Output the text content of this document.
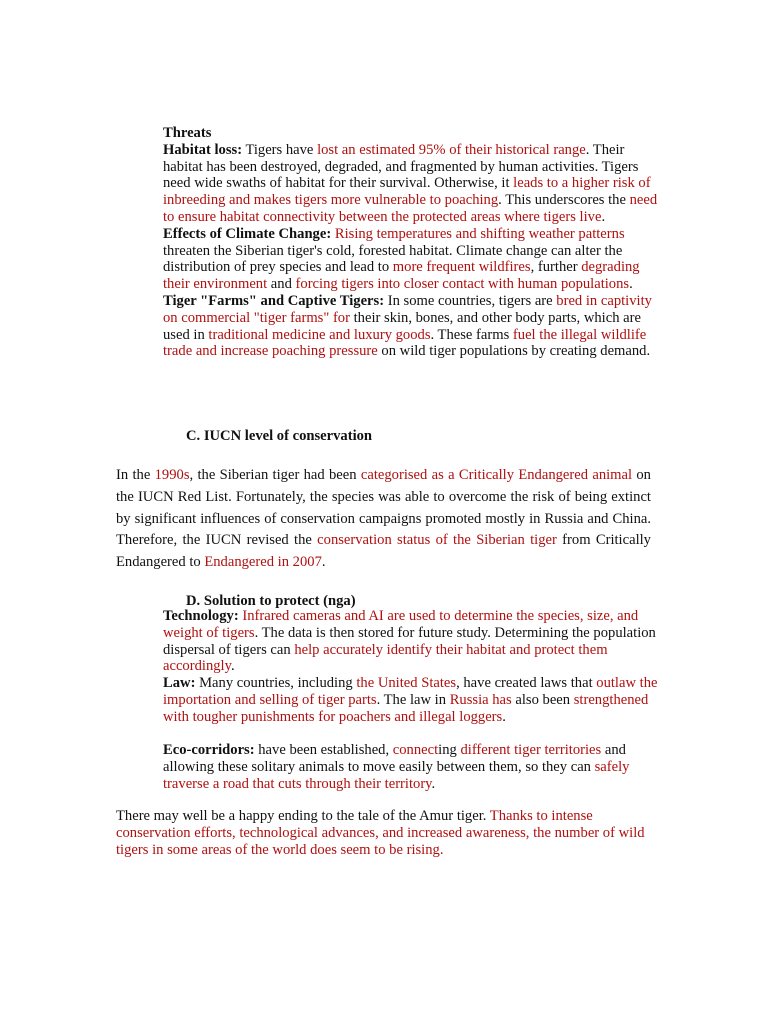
Threats

Habitat loss: Tigers have lost an estimated 95% of their historical range. Their habitat has been destroyed, degraded, and fragmented by human activities. Tigers need wide swaths of habitat for their survival. Otherwise, it leads to a higher risk of inbreeding and makes tigers more vulnerable to poaching. This underscores the need to ensure habitat connectivity between the protected areas where tigers live.

Effects of Climate Change: Rising temperatures and shifting weather patterns threaten the Siberian tiger's cold, forested habitat. Climate change can alter the distribution of prey species and lead to more frequent wildfires, further degrading their environment and forcing tigers into closer contact with human populations.

Tiger "Farms" and Captive Tigers: In some countries, tigers are bred in captivity on commercial "tiger farms" for their skin, bones, and other body parts, which are used in traditional medicine and luxury goods. These farms fuel the illegal wildlife trade and increase poaching pressure on wild tiger populations by creating demand.

C. IUCN level of conservation

In the 1990s, the Siberian tiger had been categorised as a Critically Endangered animal on the IUCN Red List. Fortunately, the species was able to overcome the risk of being extinct by significant influences of conservation campaigns promoted mostly in Russia and China. Therefore, the IUCN revised the conservation status of the Siberian tiger from Critically Endangered to Endangered in 2007.

D. Solution to protect (nga)

Technology: Infrared cameras and AI are used to determine the species, size, and weight of tigers. The data is then stored for future study. Determining the population dispersal of tigers can help accurately identify their habitat and protect them accordingly.

Law: Many countries, including the United States, have created laws that outlaw the importation and selling of tiger parts. The law in Russia has also been strengthened with tougher punishments for poachers and illegal loggers.

Eco-corridors: have been established, connecting different tiger territories and allowing these solitary animals to move easily between them, so they can safely traverse a road that cuts through their territory.

There may well be a happy ending to the tale of the Amur tiger. Thanks to intense conservation efforts, technological advances, and increased awareness, the number of wild tigers in some areas of the world does seem to be rising.
